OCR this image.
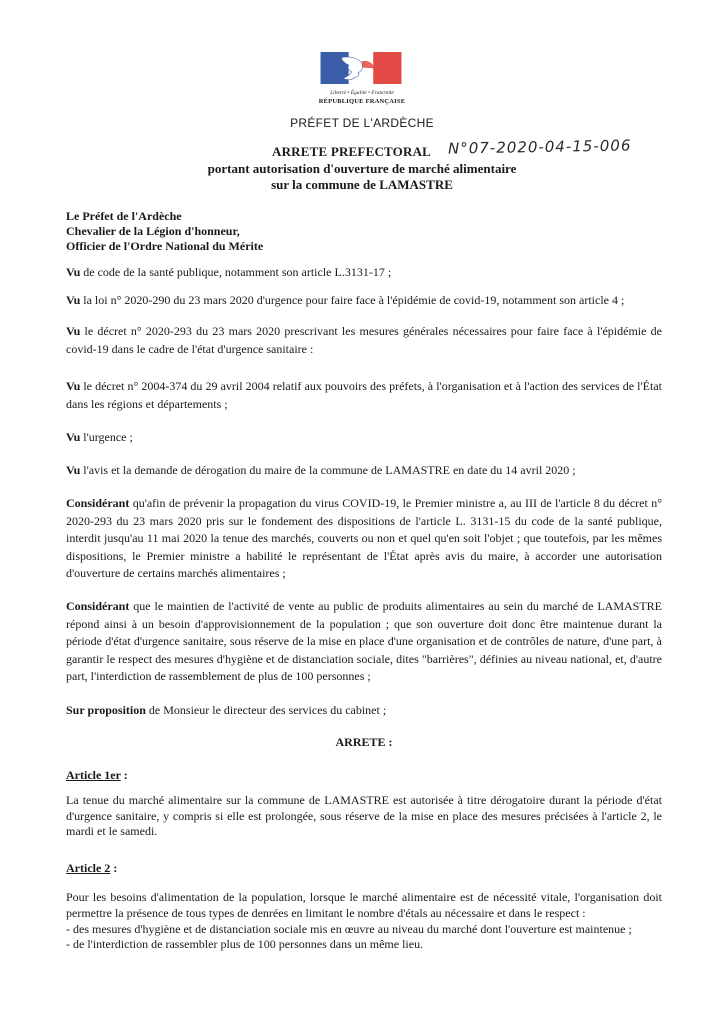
Liberté • Égalité • Fraternité
RÉPUBLIQUE FRANÇAISE
PRÉFET DE L'ARDÈCHE
ARRETE PREFECTORAL N°07-2020-04-15-006
portant autorisation d'ouverture de marché alimentaire
sur la commune de LAMASTRE
Le Préfet de l'Ardèche
Chevalier de la Légion d'honneur,
Officier de l'Ordre National du Mérite
Vu de code de la santé publique, notamment son article L.3131-17 ;
Vu la loi n° 2020-290 du 23 mars 2020 d'urgence pour faire face à l'épidémie de covid-19, notamment son article 4 ;
Vu le décret n° 2020-293 du 23 mars 2020 prescrivant les mesures générales nécessaires pour faire face à l'épidémie de covid-19 dans le cadre de l'état d'urgence sanitaire :
Vu le décret n° 2004-374 du 29 avril 2004 relatif aux pouvoirs des préfets, à l'organisation et à l'action des services de l'État dans les régions et départements ;
Vu l'urgence ;
Vu l'avis et la demande de dérogation du maire de la commune de LAMASTRE en date du 14 avril 2020 ;
Considérant qu'afin de prévenir la propagation du virus COVID-19, le Premier ministre a, au III de l'article 8 du décret n° 2020-293 du 23 mars 2020 pris sur le fondement des dispositions de l'article L. 3131-15 du code de la santé publique, interdit jusqu'au 11 mai 2020 la tenue des marchés, couverts ou non et quel qu'en soit l'objet ; que toutefois, par les mêmes dispositions, le Premier ministre a habilité le représentant de l'État après avis du maire, à accorder une autorisation d'ouverture de certains marchés alimentaires ;
Considérant que le maintien de l'activité de vente au public de produits alimentaires au sein du marché de LAMASTRE répond ainsi à un besoin d'approvisionnement de la population ; que son ouverture doit donc être maintenue durant la période d'état d'urgence sanitaire, sous réserve de la mise en place d'une organisation et de contrôles de nature, d'une part, à garantir le respect des mesures d'hygiène et de distanciation sociale, dites "barrières", définies au niveau national, et, d'autre part, l'interdiction de rassemblement de plus de 100 personnes ;
Sur proposition de Monsieur le directeur des services du cabinet ;
ARRETE :
Article 1er :
La tenue du marché alimentaire sur la commune de LAMASTRE est autorisée à titre dérogatoire durant la période d'état d'urgence sanitaire, y compris si elle est prolongée, sous réserve de la mise en place des mesures précisées à l'article 2, le mardi et le samedi.
Article 2 :
Pour les besoins d'alimentation de la population, lorsque le marché alimentaire est de nécessité vitale, l'organisation doit permettre la présence de tous types de denrées en limitant le nombre d'étals au nécessaire et dans le respect :
- des mesures d'hygiène et de distanciation sociale mis en œuvre au niveau du marché dont l'ouverture est maintenue ;
- de l'interdiction de rassembler plus de 100 personnes dans un même lieu.
